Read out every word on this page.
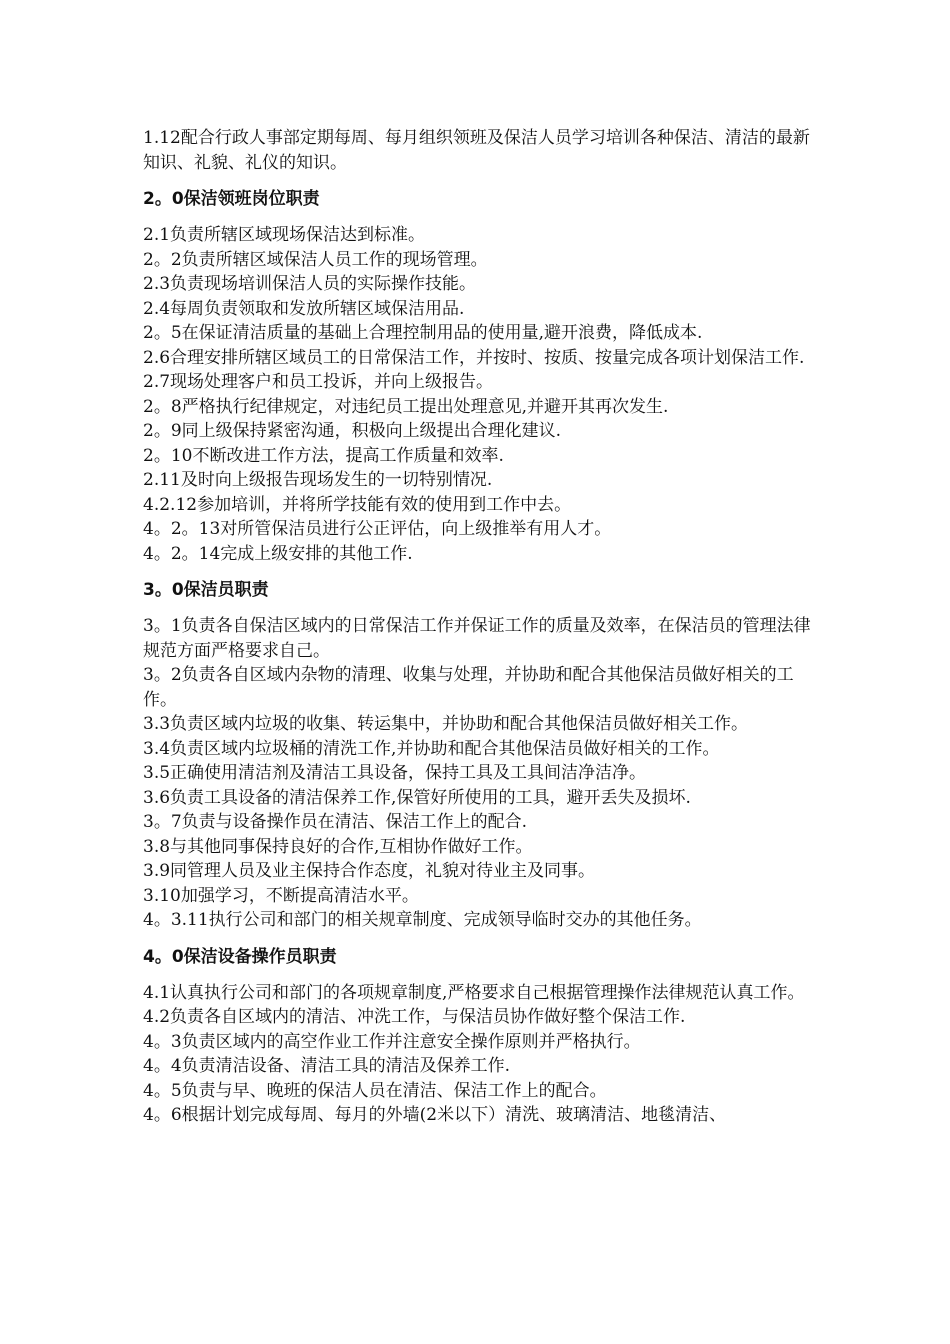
1.12配合行政人事部定期每周、每月组织领班及保洁人员学习培训各种保洁、清洁的最新知识、礼貌、礼仪的知识。

2。0保洁领班岗位职责

2.1负责所辖区域现场保洁达到标准。

2。2负责所辖区域保洁人员工作的现场管理。

2.3负责现场培训保洁人员的实际操作技能。

2.4每周负责领取和发放所辖区域保洁用品.

2。5在保证清洁质量的基础上合理控制用品的使用量,避开浪费，降低成本.

2.6合理安排所辖区域员工的日常保洁工作，并按时、按质、按量完成各项计划保洁工作.

2.7现场处理客户和员工投诉，并向上级报告。

2。8严格执行纪律规定，对违纪员工提出处理意见,并避开其再次发生.

2。9同上级保持紧密沟通，积极向上级提出合理化建议.

2。10不断改进工作方法，提高工作质量和效率.

2.11及时向上级报告现场发生的一切特别情况.

4.2.12参加培训，并将所学技能有效的使用到工作中去。

4。2。13对所管保洁员进行公正评估，向上级推举有用人才。

4。2。14完成上级安排的其他工作.

3。0保洁员职责

3。1负责各自保洁区域内的日常保洁工作并保证工作的质量及效率，在保洁员的管理法律规范方面严格要求自己。

3。2负责各自区域内杂物的清理、收集与处理，并协助和配合其他保洁员做好相关的工作。

3.3负责区域内垃圾的收集、转运集中，并协助和配合其他保洁员做好相关工作。

3.4负责区域内垃圾桶的清洗工作,并协助和配合其他保洁员做好相关的工作。

3.5正确使用清洁剂及清洁工具设备，保持工具及工具间洁净洁净。

3.6负责工具设备的清洁保养工作,保管好所使用的工具，避开丢失及损坏.

3。7负责与设备操作员在清洁、保洁工作上的配合.

3.8与其他同事保持良好的合作,互相协作做好工作。

3.9同管理人员及业主保持合作态度，礼貌对待业主及同事。

3.10加强学习，不断提高清洁水平。

4。3.11执行公司和部门的相关规章制度、完成领导临时交办的其他任务。

4。0保洁设备操作员职责

4.1认真执行公司和部门的各项规章制度,严格要求自己根据管理操作法律规范认真工作。

4.2负责各自区域内的清洁、冲洗工作，与保洁员协作做好整个保洁工作.

4。3负责区域内的高空作业工作并注意安全操作原则并严格执行。

4。4负责清洁设备、清洁工具的清洁及保养工作.

4。5负责与早、晚班的保洁人员在清洁、保洁工作上的配合。

4。6根据计划完成每周、每月的外墙(2米以下）清洗、玻璃清洁、地毯清洁、
